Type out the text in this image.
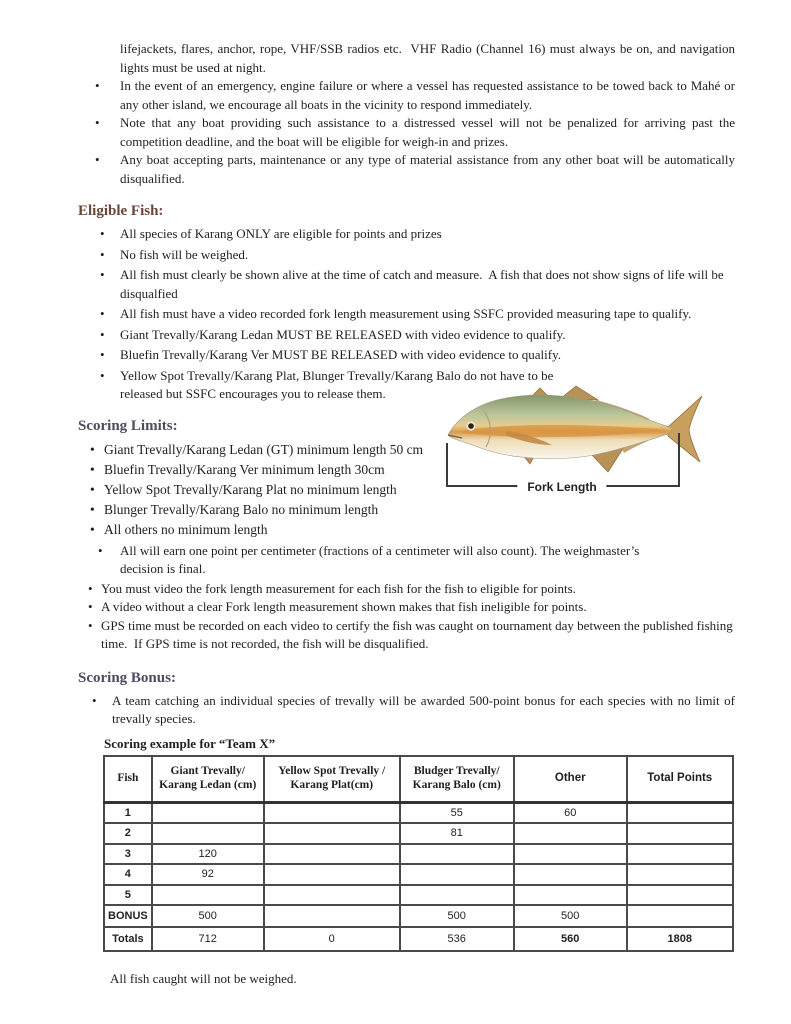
lifejackets, flares, anchor, rope, VHF/SSB radios etc.  VHF Radio (Channel 16) must always be on, and navigation lights must be used at night.

•
In the event of an emergency, engine failure or where a vessel has requested assistance to be towed back to Mahé or any other island, we encourage all boats in the vicinity to respond immediately.
•
Note that any boat providing such assistance to a distressed vessel will not be penalized for arriving past the competition deadline, and the boat will be eligible for weigh-in and prizes.
•
Any boat accepting parts, maintenance or any type of material assistance from any other boat will be automatically disqualified.
Eligible Fish:
•
All species of Karang ONLY are eligible for points and prizes
•
No fish will be weighed.
•
All fish must clearly be shown alive at the time of catch and measure.  A fish that does not show signs of life will be disqualfied
•
All fish must have a video recorded fork length measurement using SSFC provided measuring tape to qualify.
•
Giant Trevally/Karang Ledan MUST BE RELEASED with video evidence to qualify.
•
Bluefin Trevally/Karang Ver MUST BE RELEASED with video evidence to qualify.
•
Yellow Spot Trevally/Karang Plat, Blunger Trevally/Karang Balo do not have to be released but SSFC encourages you to release them.
Scoring Limits:
•
Giant Trevally/Karang Ledan (GT) minimum length 50 cm
•
Bluefin Trevally/Karang Ver minimum length 30cm
•
Yellow Spot Trevally/Karang Plat no minimum length
•
Blunger Trevally/Karang Balo no minimum length
•
All others no minimum length
•
All will earn one point per centimeter (fractions of a centimeter will also count). The weighmaster’s decision is final.
•
You must video the fork length measurement for each fish for the fish to eligible for points.
•
A video without a clear Fork length measurement shown makes that fish ineligible for points.
•
GPS time must be recorded on each video to certify the fish was caught on tournament day between the published fishing time.  If GPS time is not recorded, the fish will be disqualified.
Scoring Bonus:
•
A team catching an individual species of trevally will be awarded 500-point bonus for each species with no limit of trevally species.

Scoring example for “Team X”

Fish	Giant Trevally/ Karang Ledan (cm)	Yellow Spot Trevally / Karang Plat(cm)	Bludger Trevally/ Karang Balo (cm)	Other	Total Points
1			55	60	
2			81		
3	120				
4	92				
5					
BONUS	500		500	500	
Totals	712	0	536	560	1808

All fish caught will not be weighed.

Fork Length
